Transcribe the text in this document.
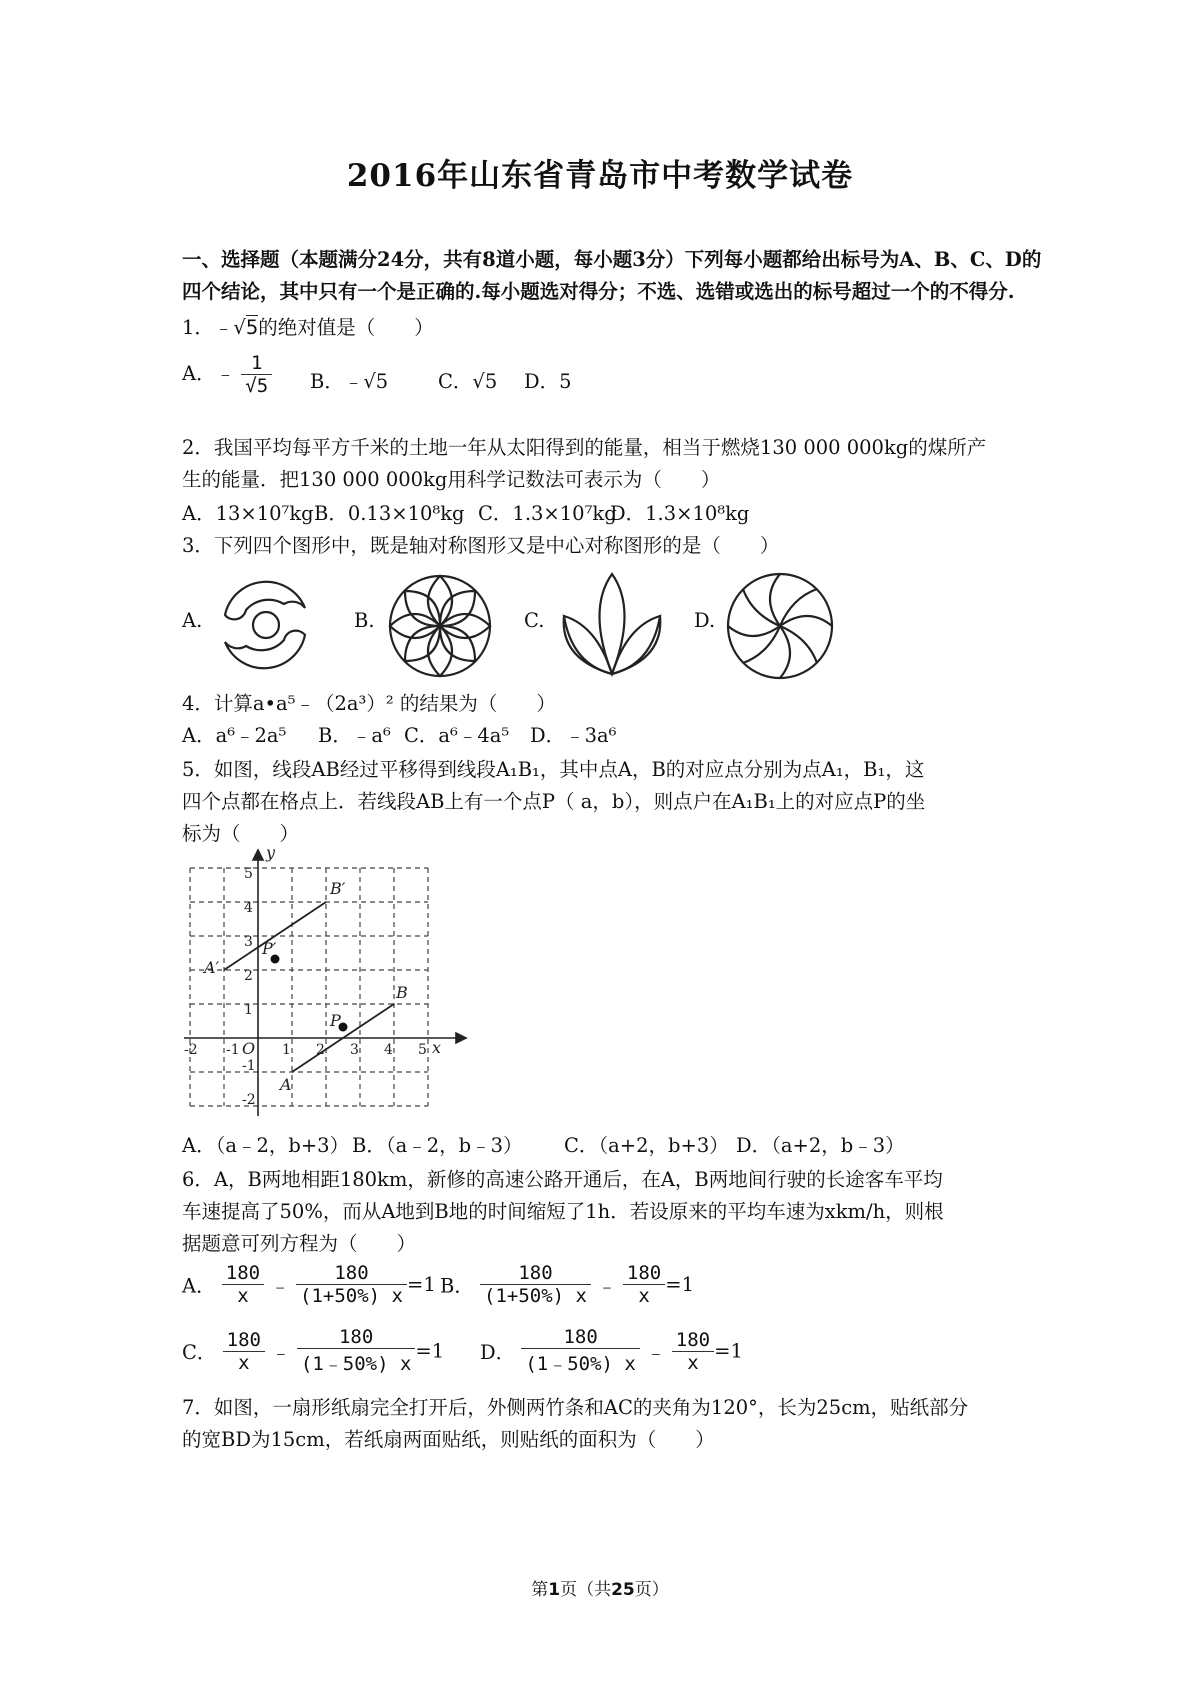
2016年山东省青岛市中考数学试卷
一、选择题（本题满分24分，共有8道小题，每小题3分）下列每小题都给出标号为A、B、C、D的四个结论，其中只有一个是正确的.每小题选对得分；不选、选错或选出的标号超过一个的不得分.
1．﹣√5的绝对值是（　　）
A．﹣ $\frac{1}{√5}$ B．﹣√5	C．√5 D．5
2．我国平均每平方千米的土地一年从太阳得到的能量，相当于燃烧130 000 000kg的煤所产
生的能量．把130 000 000kg用科学记数法可表示为（　　）
A．13×10⁷kg B．0.13×10⁸kg C．1.3×10⁷kg
D．1.3×10⁸kg
3．下列四个图形中，既是轴对称图形又是中心对称图形的是（　　）
A.	B.	C.	D.
4．计算a•a⁵﹣（2a³）² 的结果为（　　）
A．a⁶﹣2a⁵ B．﹣a⁶ C．a⁶﹣4a⁵ D．﹣3a⁶
5．如图，线段AB经过平移得到线段A₁B₁，其中点A，B的对应点分别为点A₁，B₁，这
四个点都在格点上．若线段AB上有一个点P（ a，b），则点户在A₁B₁上的对应点P的坐
标为（　　）
y
x
O
A
B
P
A′
B′
P′
-2 -1	1 2 3 4 5
5
4
3
2
1
-1
-2
A．（a﹣2，b+3） B．（a﹣2，b﹣3） C．（a+2，b+3） D．（a+2，b﹣3）
6．A，B两地相距180km，新修的高速公路开通后，在A，B两地间行驶的长途客车平均
车速提高了50%，而从A地到B地的时间缩短了1h．若设原来的平均车速为xkm/h，则根
据题意可列方程为（　　）
A． $\frac{180}{x}$ ﹣ $\frac{180}{(1+50\%) x} =1$ B． $\frac{180}{(1+50\%) x}$ ﹣ $\frac{180}{x} =1$
C． $\frac{180}{x}$ ﹣ $\frac{180}{(1﹣50\%) x} =1$ D． $\frac{180}{(1﹣50\%) x}$ ﹣ $\frac{180}{x} =1$
7．如图，一扇形纸扇完全打开后，外侧两竹条和AC的夹角为120°，长为25cm，贴纸部分
的宽BD为15cm，若纸扇两面贴纸，则贴纸的面积为（　　）
第1页（共25页）
